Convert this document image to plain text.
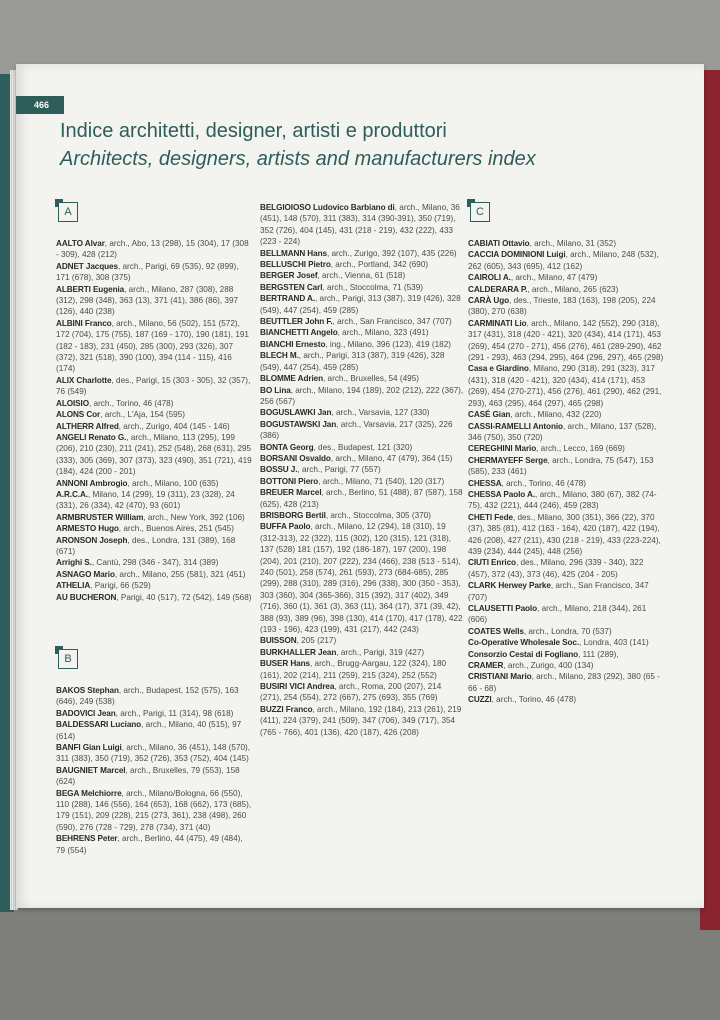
466
Indice architetti, designer, artisti e produttori
Architects, designers, artists and manufacturers index
A

AALTO Alvar, arch., Abo, 13 (298), 15 (304), 17 (308 - 309), 428 (212)

ADNET Jacques, arch., Parigi, 69 (535), 92 (899), 171 (678), 308 (375)

ALBERTI Eugenia, arch., Milano, 287 (308), 288 (312), 298 (348), 363 (13), 371 (41), 386 (86), 397 (126), 440 (238)

ALBINI Franco, arch., Milano, 56 (502), 151 (572), 172 (704), 175 (755), 187 (169 - 170), 190 (181), 191 (182 - 183), 231 (450), 285 (300), 293 (326), 307 (372), 321 (518), 390 (100), 394 (114 - 115), 416 (174)

ALIX Charlotte, des., Parigi, 15 (303 - 305), 32 (357), 76 (549)

ALOISIO, arch., Torino, 46 (478)

ALONS Cor, arch., L'Aja, 154 (595)

ALTHERR Alfred, arch., Zurigo, 404 (145 - 146)

ANGELI Renato G., arch., Milano, 113 (295), 199 (206), 210 (230), 211 (241), 252 (548), 268 (631), 295 (333), 305 (369), 307 (373), 323 (490), 351 (721), 419 (184), 424 (200 - 201)

ANNONI Ambrogio, arch., Milano, 100 (635)

A.R.C.A., Milano, 14 (299), 19 (311), 23 (328), 24 (331), 26 (334), 42 (470), 93 (601)

ARMBRUSTER William, arch., New York, 392 (106)

ARMESTO Hugo, arch., Buenos Aires, 251 (545)

ARONSON Joseph, des., Londra, 131 (389), 168 (671)

Arrighi S., Cantù, 298 (346 - 347), 314 (389)

ASNAGO Mario, arch., Milano, 255 (581), 321 (451)

ATHELIA, Parigi, 66 (529)

AU BUCHERON, Parigi, 40 (517), 72 (542), 149 (568)

B

BAKOS Stephan, arch., Budapest, 152 (575), 163 (646), 249 (538)

BADOVICI Jean, arch., Parigi, 11 (314), 98 (618)

BALDESSARI Luciano, arch., Milano, 40 (515), 97 (614)

BANFI Gian Luigi, arch., Milano, 36 (451), 148 (570), 311 (383), 350 (719), 352 (726), 353 (752), 404 (145)

BAUGNIET Marcel, arch., Bruxelles, 79 (553), 158 (624)

BEGA Melchiorre, arch., Milano/Bologna, 66 (550), 110 (288), 146 (556), 164 (653), 168 (662), 173 (685), 179 (151), 209 (228), 215 (273, 361), 238 (498), 260 (590), 276 (728 - 729), 278 (734), 371 (40)

BEHRENS Peter, arch., Berlino, 44 (475), 49 (484), 79 (554)

BELGIOIOSO Ludovico Barbiano di, arch., Milano, 36 (451), 148 (570), 311 (383), 314 (390-391), 350 (719), 352 (726), 404 (145), 431 (218 - 219), 432 (222), 433 (223 - 224)

BELLMANN Hans, arch., Zurigo, 392 (107), 435 (226)

BELLUSCHI Pietro, arch., Portland, 342 (690)

BERGER Josef, arch., Vienna, 61 (518)

BERGSTEN Carl, arch., Stoccolma, 71 (539)

BERTRAND A., arch., Parigi, 313 (387), 319 (426), 328 (549), 447 (254), 459 (285)

BEUTTLER John F., arch., San Francisco, 347 (707)

BIANCHETTI Angelo, arch., Milano, 323 (491)

BIANCHI Ernesto, ing., Milano, 396 (123), 419 (182)

BLECH M., arch., Parigi, 313 (387), 319 (426), 328 (549), 447 (254), 459 (285)

BLOMME Adrien, arch., Bruxelles, 54 (495)

BO Lina, arch., Milano, 194 (189), 202 (212), 222 (367), 256 (567)

BOGUSLAWKI Jan, arch., Varsavia, 127 (330)

BOGUSTAWSKI Jan, arch., Varsavia, 217 (325), 226 (386)

BONTA Georg, des., Budapest, 121 (320)

BORSANI Osvaldo, arch., Milano, 47 (479), 364 (15)

BOSSU J., arch., Parigi, 77 (557)

BOTTONI Piero, arch., Milano, 71 (540), 120 (317)

BREUER Marcel, arch., Berlino, 51 (488), 87 (587), 158 (625), 428 (213)

BRISBORG Bertil, arch., Stoccolma, 305 (370)

BUFFA Paolo, arch., Milano, 12 (294), 18 (310), 19 (312-313), 22 (322), 115 (302), 120 (315), 121 (318), 137 (528) 181 (157), 192 (186-187), 197 (200), 198 (204), 201 (210), 207 (222), 234 (466), 238 (513 - 514), 240 (501), 258 (574), 261 (593), 273 (684-685), 285 (299), 288 (310), 289 (316), 296 (338), 300 (350 - 353), 303 (360), 304 (365-366), 315 (392), 317 (402), 349 (716), 360 (1), 361 (3), 363 (11), 364 (17), 371 (39, 42), 388 (93), 389 (96), 398 (130), 414 (170), 417 (178), 422 (193 - 196), 423 (199), 431 (217), 442 (243)

BUISSON, 205 (217)

BURKHALLER Jean, arch., Parigi, 319 (427)

BUSER Hans, arch., Brugg-Aargau, 122 (324), 180 (161), 202 (214), 211 (259), 215 (324), 252 (552)

BUSIRI VICI Andrea, arch., Roma, 200 (207), 214 (271), 254 (554), 272 (667), 275 (693), 355 (769)

BUZZI Franco, arch., Milano, 192 (184), 213 (261), 219 (411), 224 (379), 241 (509), 347 (706), 349 (717), 354 (765 - 766), 401 (136), 420 (187), 426 (208)

C

CABIATI Ottavio, arch., Milano, 31 (352)

CACCIA DOMINIONI Luigi, arch., Milano, 248 (532), 262 (605), 343 (695), 412 (162)

CAIROLI A., arch., Milano, 47 (479)

CALDERARA P., arch., Milano, 265 (623)

CARÀ Ugo, des., Trieste, 183 (163), 198 (205), 224 (380), 270 (638)

CARMINATI Lio, arch., Milano, 142 (552), 290 (318), 317 (431), 318 (420 - 421), 320 (434), 414 (171), 453 (269), 454 (270 - 271), 456 (276), 461 (289-290), 462 (291 - 293), 463 (294, 295), 464 (296, 297), 465 (298)

Casa e Giardino, Milano, 290 (318), 291 (323), 317 (431), 318 (420 - 421), 320 (434), 414 (171), 453 (269), 454 (270-271), 456 (276), 461 (290), 462 (291, 293), 463 (295), 464 (297), 465 (298)

CASÉ Gian, arch., Milano, 432 (220)

CASSI-RAMELLI Antonio, arch., Milano, 137 (528), 346 (750), 350 (720)

CEREGHINI Mario, arch., Lecco, 169 (669)

CHERMAYEFF Serge, arch., Londra, 75 (547), 153 (585), 233 (461)

CHESSA, arch., Torino, 46 (478)

CHESSA Paolo A., arch., Milano, 380 (67), 382 (74-75), 432 (221), 444 (246), 459 (283)

CHETI Fede, des., Milano, 300 (351), 366 (22), 370 (37), 385 (81), 412 (163 - 164), 420 (187), 422 (194), 426 (208), 427 (211), 430 (218 - 219), 433 (223-224), 439 (234), 444 (245), 448 (256)

CIUTI Enrico, des., Milano, 296 (339 - 340), 322 (457), 372 (43), 373 (46), 425 (204 - 205)

CLARK Herwey Parke, arch., San Francisco, 347 (707)

CLAUSETTI Paolo, arch., Milano, 218 (344), 261 (606)

COATES Wells, arch., Londra, 70 (537)

Co-Operative Wholesale Soc., Londra, 403 (141)

Consorzio Cestai di Fogliano, 111 (289),

CRAMER, arch., Zurigo, 400 (134)

CRISTIANI Mario, arch., Milano, 283 (292), 380 (65 - 66 - 68)

CUZZI, arch., Torino, 46 (478)
